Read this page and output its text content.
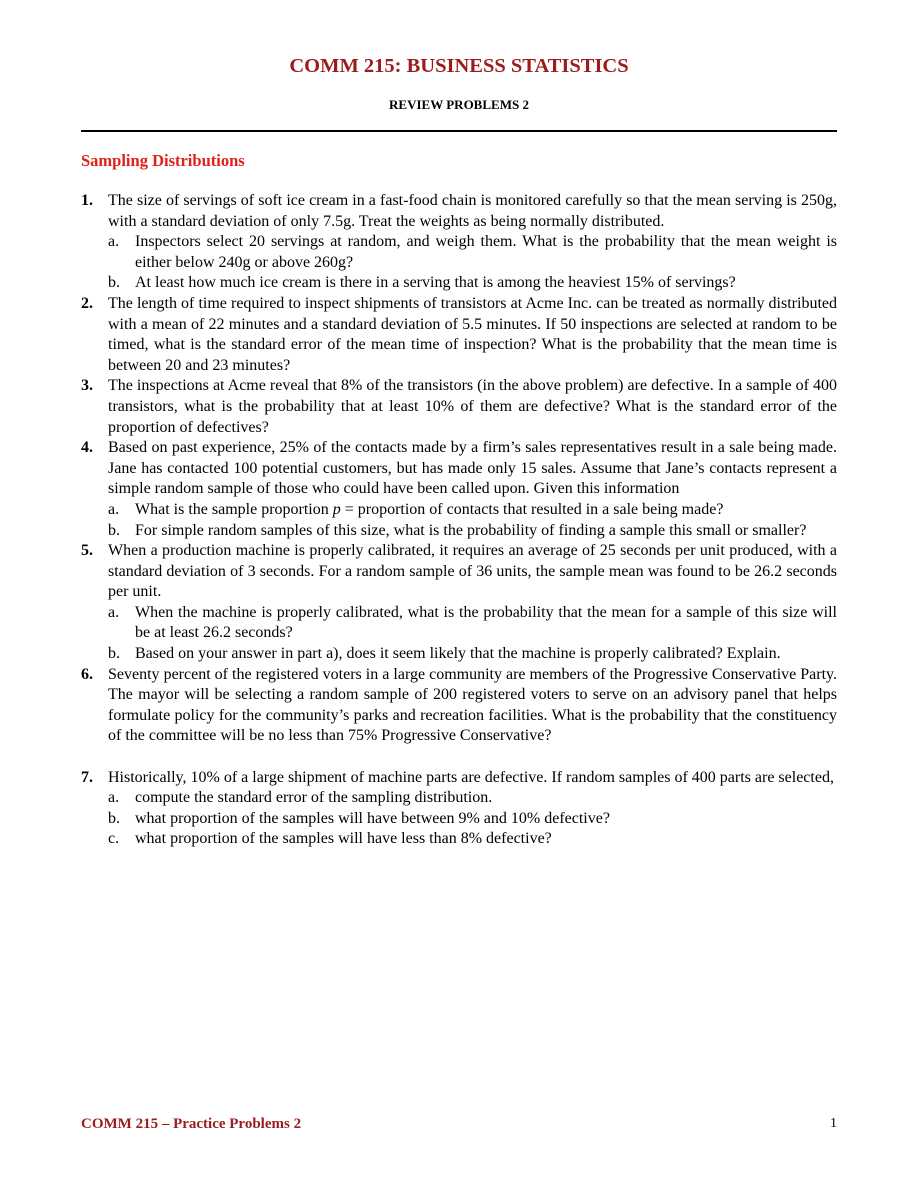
COMM 215: BUSINESS STATISTICS
REVIEW PROBLEMS 2
Sampling Distributions
1. The size of servings of soft ice cream in a fast-food chain is monitored carefully so that the mean serving is 250g, with a standard deviation of only 7.5g. Treat the weights as being normally distributed.
a. Inspectors select 20 servings at random, and weigh them. What is the probability that the mean weight is either below 240g or above 260g?
b. At least how much ice cream is there in a serving that is among the heaviest 15% of servings?
2. The length of time required to inspect shipments of transistors at Acme Inc. can be treated as normally distributed with a mean of 22 minutes and a standard deviation of 5.5 minutes. If 50 inspections are selected at random to be timed, what is the standard error of the mean time of inspection? What is the probability that the mean time is between 20 and 23 minutes?
3. The inspections at Acme reveal that 8% of the transistors (in the above problem) are defective. In a sample of 400 transistors, what is the probability that at least 10% of them are defective? What is the standard error of the proportion of defectives?
4. Based on past experience, 25% of the contacts made by a firm’s sales representatives result in a sale being made. Jane has contacted 100 potential customers, but has made only 15 sales. Assume that Jane’s contacts represent a simple random sample of those who could have been called upon. Given this information
a. What is the sample proportion p = proportion of contacts that resulted in a sale being made?
b. For simple random samples of this size, what is the probability of finding a sample this small or smaller?
5. When a production machine is properly calibrated, it requires an average of 25 seconds per unit produced, with a standard deviation of 3 seconds. For a random sample of 36 units, the sample mean was found to be 26.2 seconds per unit.
a. When the machine is properly calibrated, what is the probability that the mean for a sample of this size will be at least 26.2 seconds?
b. Based on your answer in part a), does it seem likely that the machine is properly calibrated? Explain.
6. Seventy percent of the registered voters in a large community are members of the Progressive Conservative Party. The mayor will be selecting a random sample of 200 registered voters to serve on an advisory panel that helps formulate policy for the community’s parks and recreation facilities. What is the probability that the constituency of the committee will be no less than 75% Progressive Conservative?
7. Historically, 10% of a large shipment of machine parts are defective. If random samples of 400 parts are selected,
a. compute the standard error of the sampling distribution.
b. what proportion of the samples will have between 9% and 10% defective?
c. what proportion of the samples will have less than 8% defective?
COMM 215 – Practice Problems 2	1
